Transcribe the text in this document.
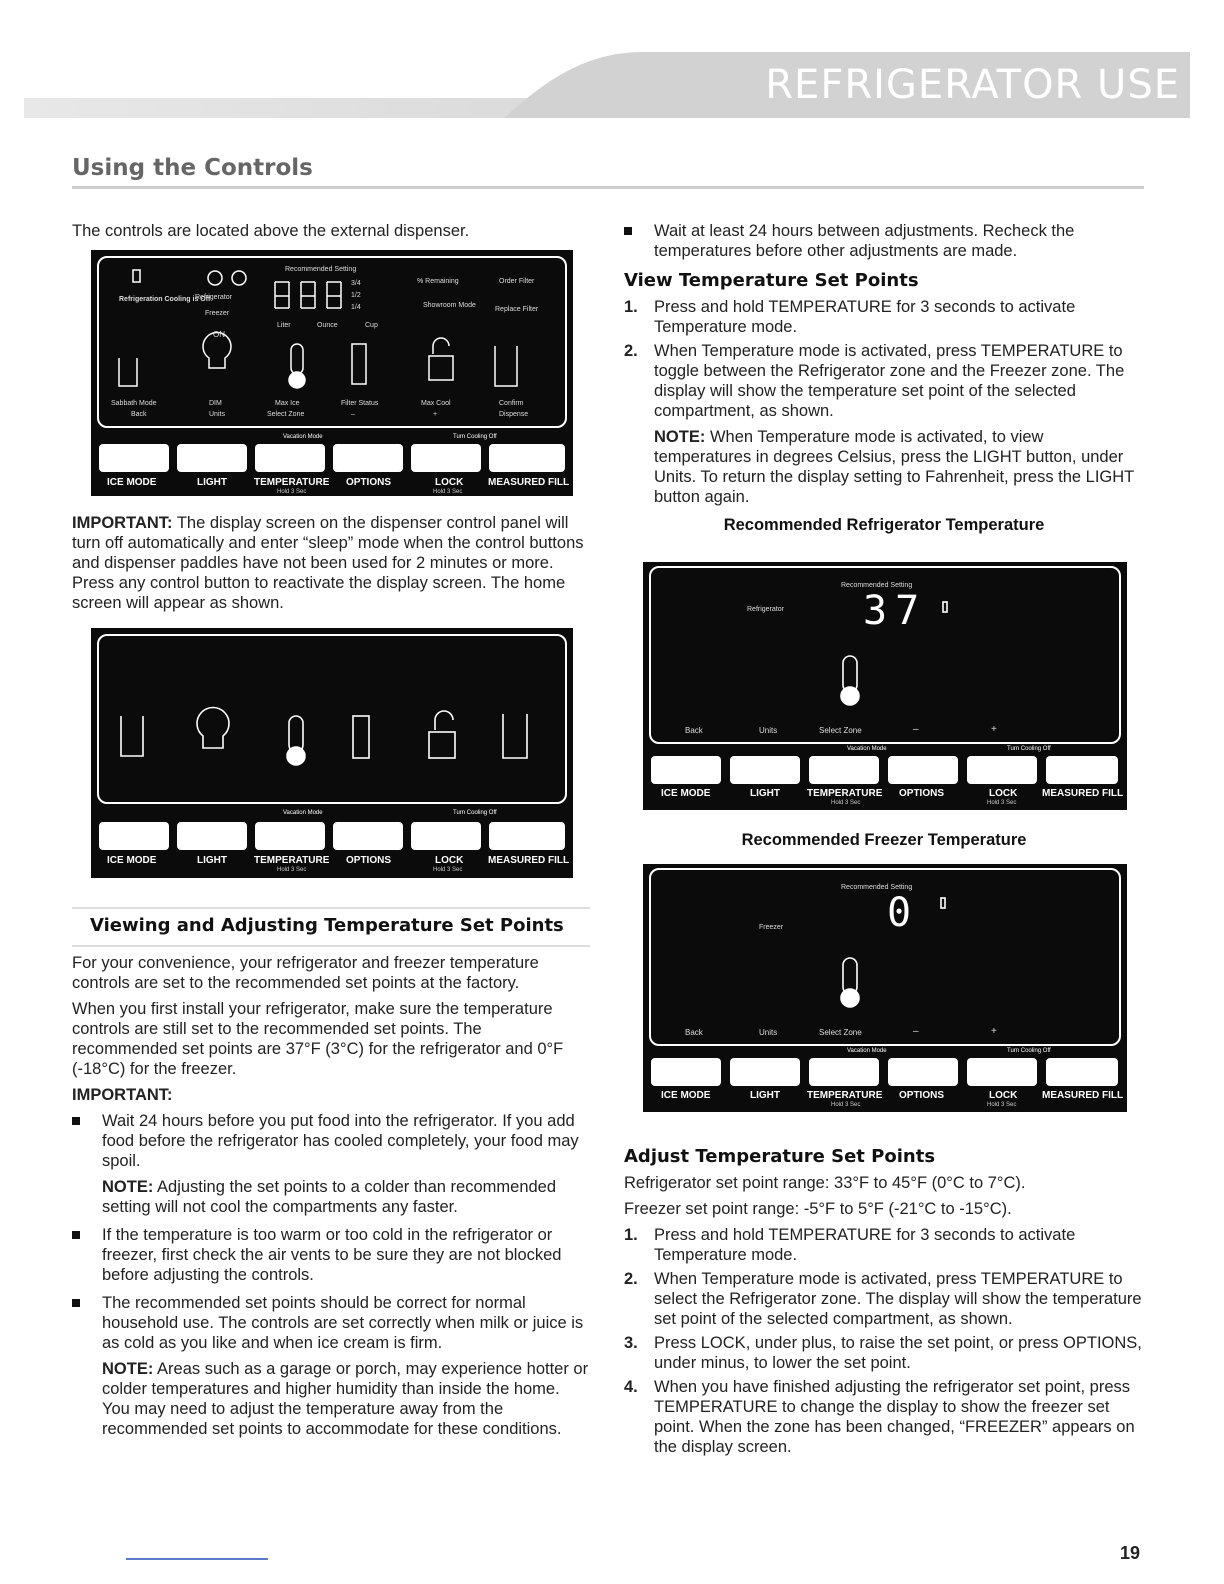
REFRIGERATOR USE
Using the Controls

The controls are located above the external dispenser.

Refrigeration Cooling is Off
Refrigerator
Freezer
ON
Recommended Setting
3/4
1/2
1/4
Liter	Ounce	Cup
% Remaining	Order Filter
Showroom Mode
Replace Filter
Sabbath Mode	DIM	Max Ice	Filter Status	Max Cool	Confirm
Back	Units	Select Zone	–	+	Dispense
Vacation Mode	Turn Cooling Off
ICE MODE	LIGHT	TEMPERATURE OPTIONS	LOCK MEASURED FILL
Hold 3 Sec	Hold 3 Sec

IMPORTANT: The display screen on the dispenser control panel will turn off automatically and enter “sleep” mode when the control buttons and dispenser paddles have not been used for 2 minutes or more. Press any control button to reactivate the display screen. The home screen will appear as shown.

Vacation Mode	Turn Cooling Off
ICE MODE	LIGHT	TEMPERATURE OPTIONS	LOCK MEASURED FILL
Hold 3 Sec	Hold 3 Sec
Viewing and Adjusting Temperature Set Points

For your convenience, your refrigerator and freezer temperature controls are set to the recommended set points at the factory.

When you first install your refrigerator, make sure the temperature controls are still set to the recommended set points. The recommended set points are 37°F (3°C) for the refrigerator and 0°F (-18°C) for the freezer.

IMPORTANT:

Wait 24 hours before you put food into the refrigerator. If you add food before the refrigerator has cooled completely, your food may spoil.

NOTE: Adjusting the set points to a colder than recommended setting will not cool the compartments any faster.

If the temperature is too warm or too cold in the refrigerator or freezer, first check the air vents to be sure they are not blocked before adjusting the controls.
The recommended set points should be correct for normal household use. The controls are set correctly when milk or juice is as cold as you like and when ice cream is firm.

NOTE: Areas such as a garage or porch, may experience hotter or colder temperatures and higher humidity than inside the home. You may need to adjust the temperature away from the recommended set points to accommodate for these conditions.

Wait at least 24 hours between adjustments. Recheck the temperatures before other adjustments are made.
View Temperature Set Points
1. Press and hold TEMPERATURE for 3 seconds to activate Temperature mode.
2. When Temperature mode is activated, press TEMPERATURE to toggle between the Refrigerator zone and the Freezer zone. The display will show the temperature set point of the selected compartment, as shown.

NOTE: When Temperature mode is activated, to view temperatures in degrees Celsius, press the LIGHT button, under Units. To return the display setting to Fahrenheit, press the LIGHT button again.

Recommended Refrigerator Temperature
Recommended Setting
Refrigerator 37
Back	Units	Select Zone	–	+
Vacation Mode	Turn Cooling Off
ICE MODE	LIGHT	TEMPERATURE OPTIONS	LOCK MEASURED FILL
Hold 3 Sec	Hold 3 Sec
Recommended Freezer Temperature
Recommended Setting
Freezer	0
Back	Units	Select Zone	–	+
Vacation Mode	Turn Cooling Off
ICE MODE	LIGHT	TEMPERATURE OPTIONS	LOCK MEASURED FILL
Hold 3 Sec	Hold 3 Sec
Adjust Temperature Set Points

Refrigerator set point range: 33°F to 45°F (0°C to 7°C).

Freezer set point range: -5°F to 5°F (-21°C to -15°C).

1. Press and hold TEMPERATURE for 3 seconds to activate Temperature mode.
2. When Temperature mode is activated, press TEMPERATURE to select the Refrigerator zone. The display will show the temperature set point of the selected compartment, as shown.
3. Press LOCK, under plus, to raise the set point, or press OPTIONS, under minus, to lower the set point.
4. When you have finished adjusting the refrigerator set point, press TEMPERATURE to change the display to show the freezer set point. When the zone has been changed, “FREEZER” appears on the display screen.
19
